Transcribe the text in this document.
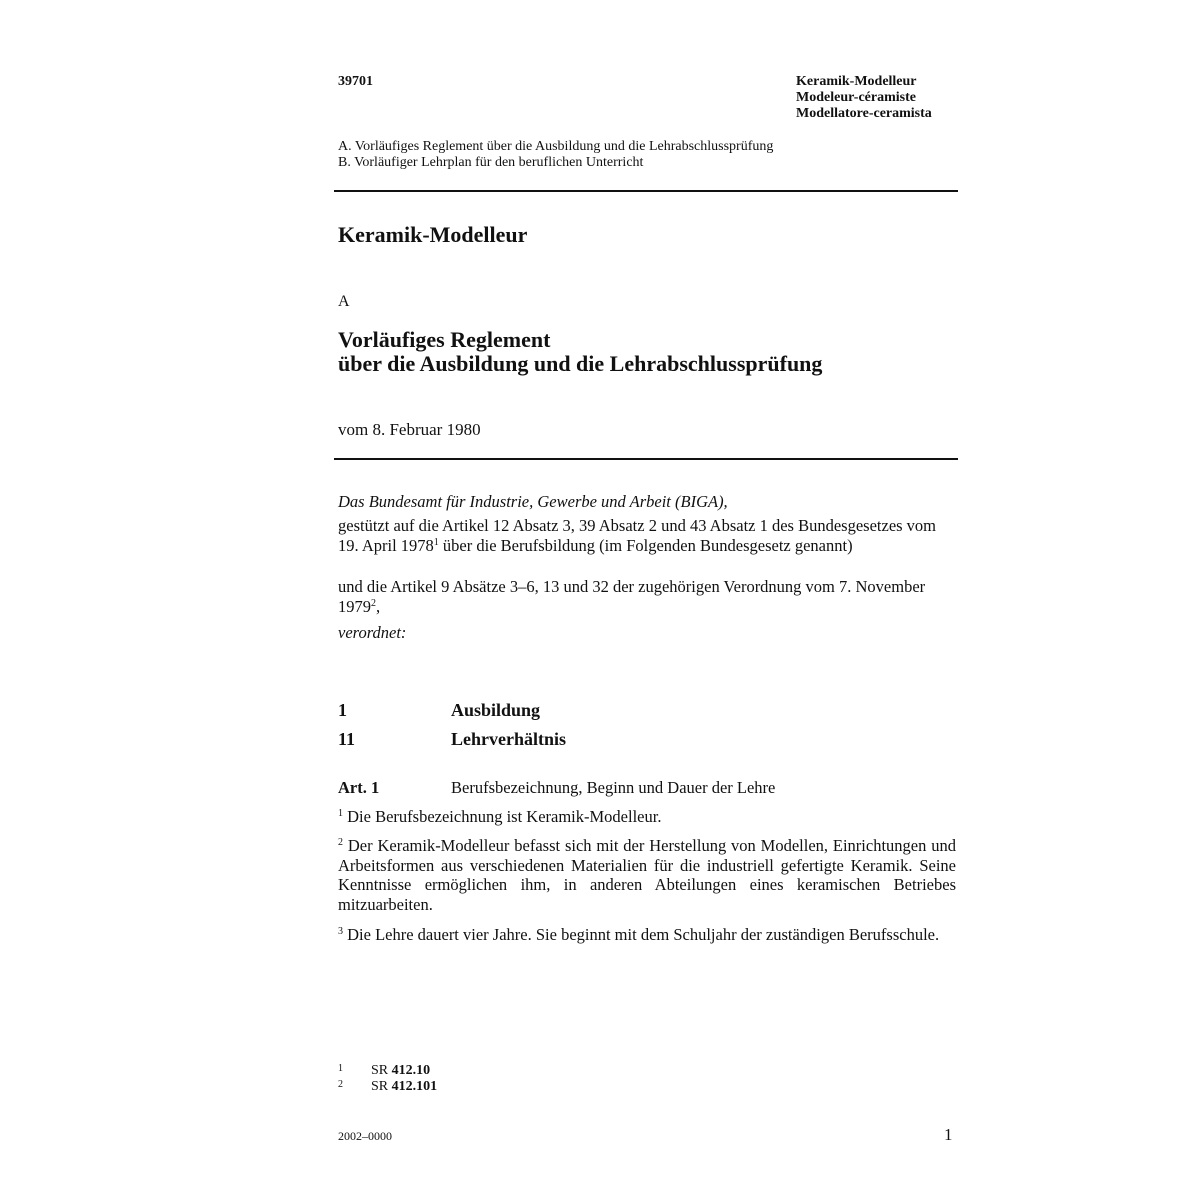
39701	Keramik-Modelleur
Modeleur-céramiste
Modellatore-ceramista
A. Vorläufiges Reglement über die Ausbildung und die Lehrabschlussprüfung
B. Vorläufiger Lehrplan für den beruflichen Unterricht
Keramik-Modelleur
A
Vorläufiges Reglement
über die Ausbildung und die Lehrabschlussprüfung
vom 8. Februar 1980
Das Bundesamt für Industrie, Gewerbe und Arbeit (BIGA),
gestützt auf die Artikel 12 Absatz 3, 39 Absatz 2 und 43 Absatz 1 des Bundesgesetzes vom 19. April 1978$^1$ über die Berufsbildung (im Folgenden Bundesgesetz genannt)
und die Artikel 9 Absätze 3–6, 13 und 32 der zugehörigen Verordnung vom 7. November 1979$^2$,
verordnet:
1	Ausbildung
11	Lehrverhältnis
Art. 1	Berufsbezeichnung, Beginn und Dauer der Lehre
$^1$ Die Berufsbezeichnung ist Keramik-Modelleur.
$^2$ Der Keramik-Modelleur befasst sich mit der Herstellung von Modellen, Einrichtungen und Arbeitsformen aus verschiedenen Materialien für die industriell gefertigte Keramik. Seine Kenntnisse ermöglichen ihm, in anderen Abteilungen eines keramischen Betriebes mitzuarbeiten.
$^3$ Die Lehre dauert vier Jahre. Sie beginnt mit dem Schuljahr der zuständigen Berufsschule.
1 SR 412.10
2 SR 412.101
2002–0000	1
